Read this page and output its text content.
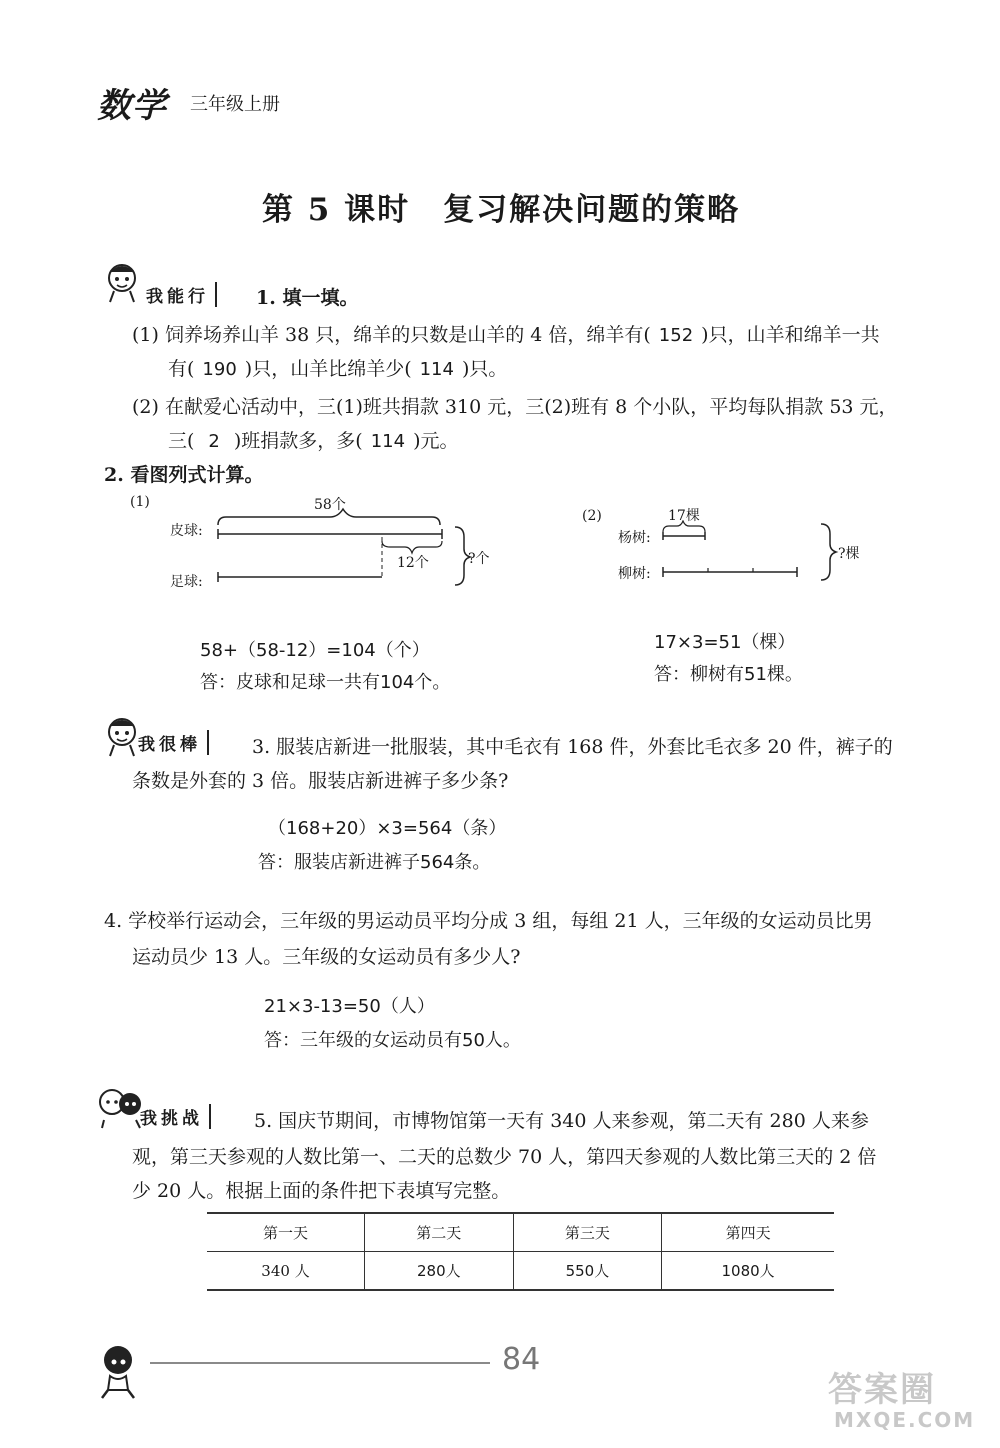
数学 三年级上册
第 5 课时　复习解决问题的策略
我能行	1. 填一填。
(1) 饲养场养山羊 38 只，绵羊的只数是山羊的 4 倍，绵羊有( 152 )只，山羊和绵羊一共
有( 190 )只，山羊比绵羊少( 114 )只。
(2) 在献爱心活动中，三(1)班共捐款 310 元，三(2)班有 8 个小队，平均每队捐款 53 元，
三( 2 )班捐款多，多( 114 )元。
2. 看图列式计算。
(1)	58个
皮球:
足球:
12个	?个
58+（58-12）=104（个）
答：皮球和足球一共有104个。
(2)	17棵
杨树:
柳树:
?棵
17×3=51（棵）
答：柳树有51棵。
我很棒	3. 服装店新进一批服装，其中毛衣有 168 件，外套比毛衣多 20 件，裤子的
条数是外套的 3 倍。服装店新进裤子多少条?
（168+20）×3=564（条）
答：服装店新进裤子564条。
4. 学校举行运动会，三年级的男运动员平均分成 3 组，每组 21 人，三年级的女运动员比男
运动员少 13 人。三年级的女运动员有多少人?
21×3-13=50（人）
答：三年级的女运动员有50人。
我挑战	5. 国庆节期间，市博物馆第一天有 340 人来参观，第二天有 280 人来参
观，第三天参观的人数比第一、二天的总数少 70 人，第四天参观的人数比第三天的 2 倍
少 20 人。根据上面的条件把下表填写完整。
第一天	第二天	第三天	第四天
340 人	280人	550人	1080人
84
答案圈
MXQE.COM
